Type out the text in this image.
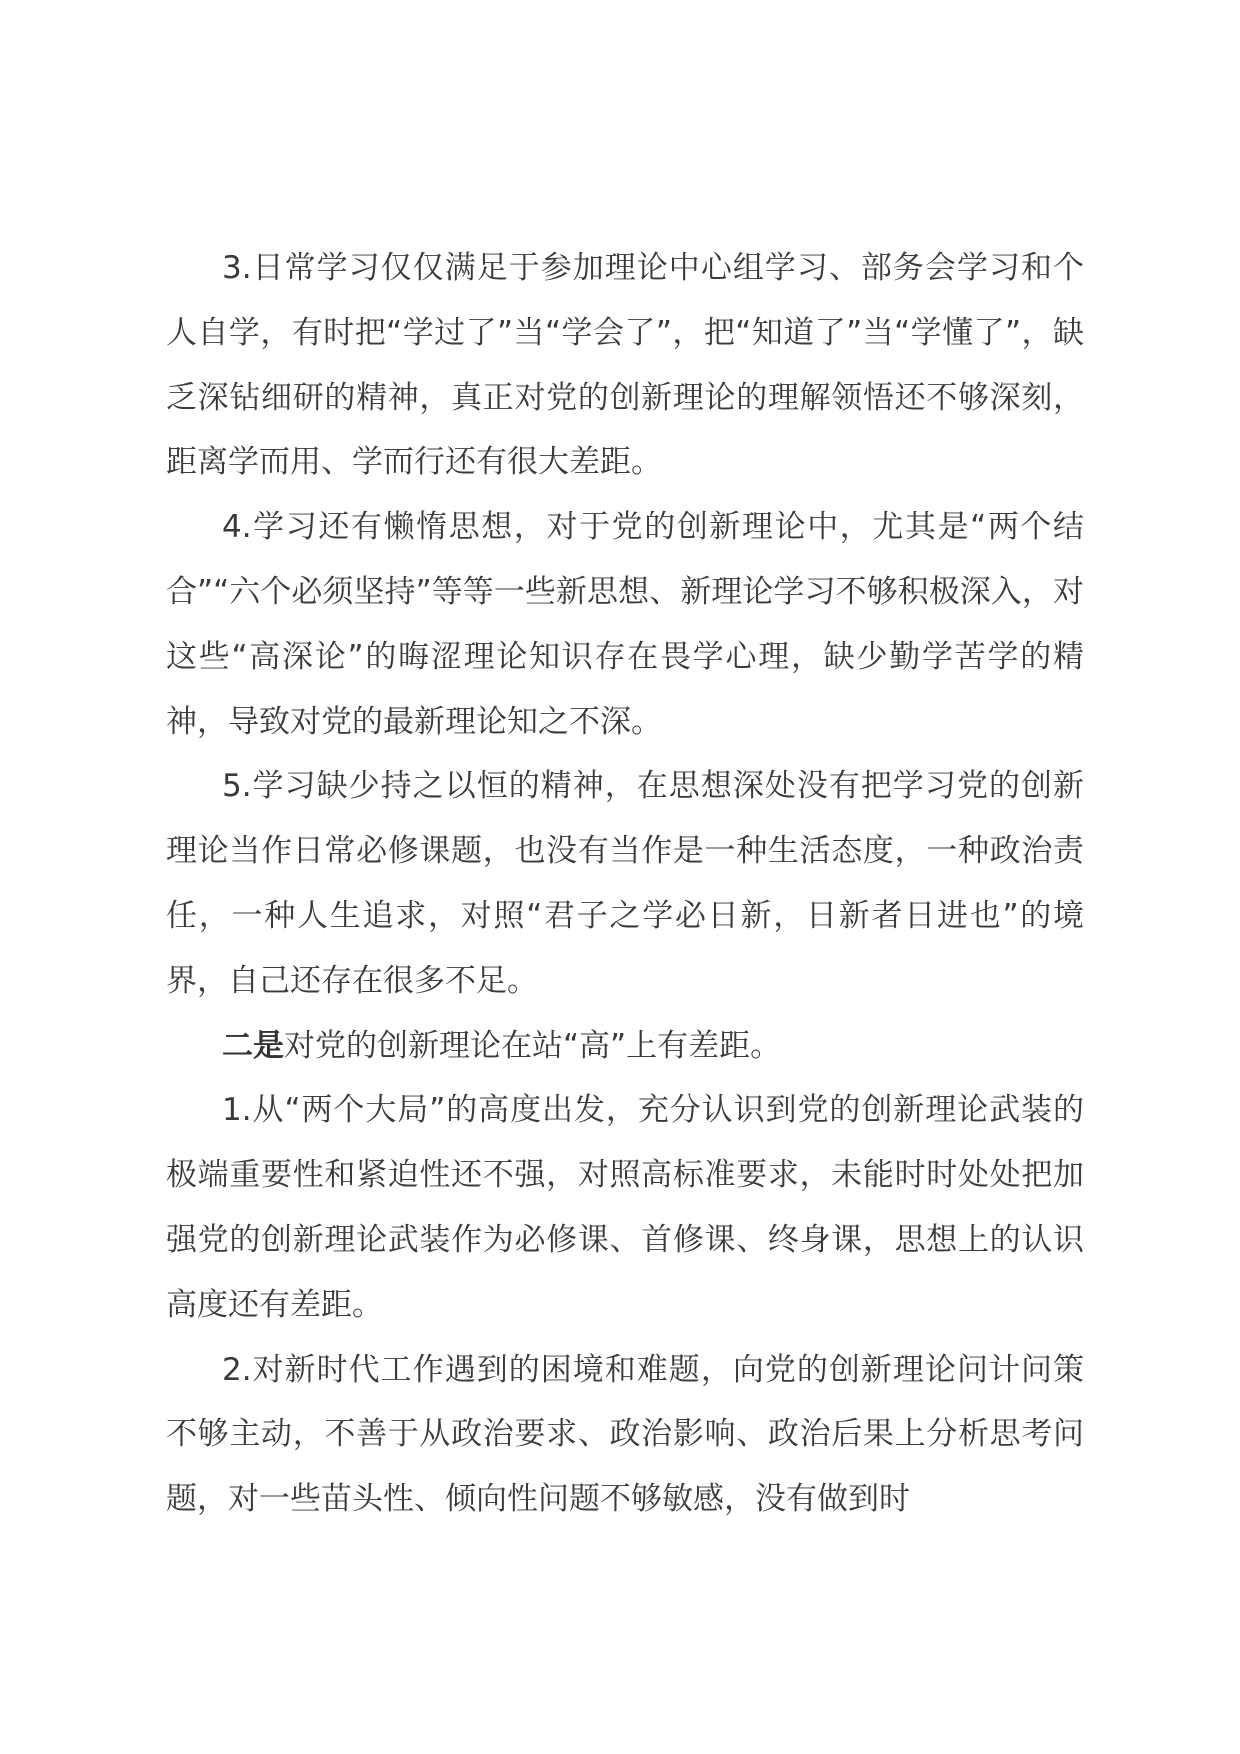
3.日常学习仅仅满足于参加理论中心组学习、部务会学习和个人自学，有时把“学过了”当“学会了”，把“知道了”当“学懂了”，缺乏深钻细研的精神，真正对党的创新理论的理解领悟还不够深刻，距离学而用、学而行还有很大差距。

4.学习还有懒惰思想，对于党的创新理论中，尤其是“两个结合”“六个必须坚持”等等一些新思想、新理论学习不够积极深入，对这些“高深论”的晦涩理论知识存在畏学心理，缺少勤学苦学的精神，导致对党的最新理论知之不深。

5.学习缺少持之以恒的精神，在思想深处没有把学习党的创新理论当作日常必修课题，也没有当作是一种生活态度，一种政治责任，一种人生追求，对照“君子之学必日新，日新者日进也”的境界，自己还存在很多不足。

二是对党的创新理论在站“高”上有差距。

1.从“两个大局”的高度出发，充分认识到党的创新理论武装的极端重要性和紧迫性还不强，对照高标准要求，未能时时处处把加强党的创新理论武装作为必修课、首修课、终身课，思想上的认识高度还有差距。

2.对新时代工作遇到的困境和难题，向党的创新理论问计问策不够主动，不善于从政治要求、政治影响、政治后果上分析思考问题，对一些苗头性、倾向性问题不够敏感，没有做到时
